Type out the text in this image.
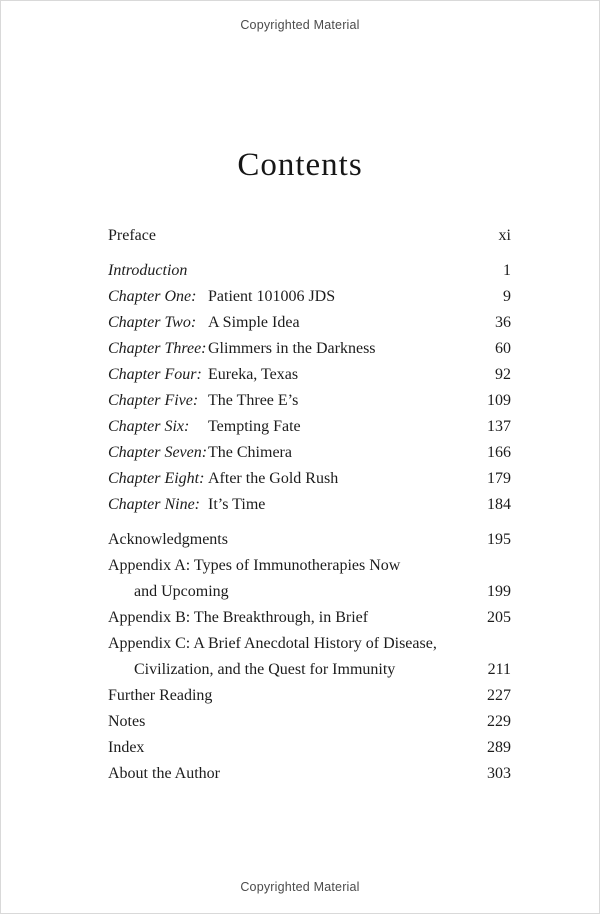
Copyrighted Material
Contents
Preface	xi
Introduction	1
Chapter One: Patient 101006 JDS	9
Chapter Two: A Simple Idea	36
Chapter Three:Glimmers in the Darkness	60
Chapter Four: Eureka, Texas	92
Chapter Five: The Three E’s	109
Chapter Six: Tempting Fate	137
Chapter Seven:The Chimera	166
Chapter Eight: After the Gold Rush	179
Chapter Nine: It’s Time	184
Acknowledgments	195
Appendix A: Types of Immunotherapies Now
and Upcoming	199
Appendix B: The Breakthrough, in Brief	205
Appendix C: A Brief Anecdotal History of Disease,
Civilization, and the Quest for Immunity	211
Further Reading	227
Notes	229
Index	289
About the Author	303
Copyrighted Material
